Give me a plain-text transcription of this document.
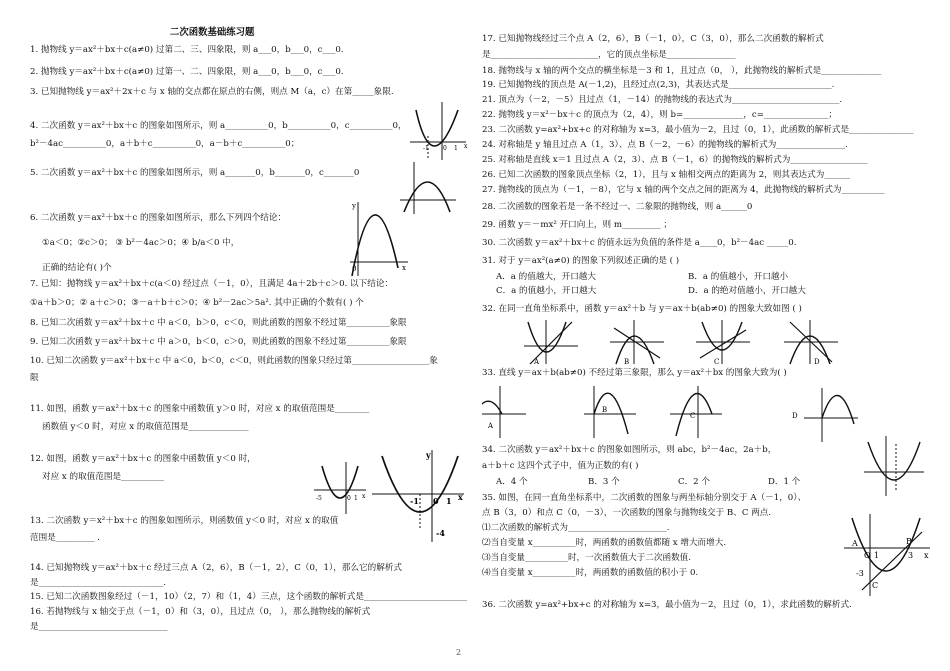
二次函数基础练习题
1. 抛物线 y＝ax²＋bx＋c(a≠0) 过第二、三、四象限，则 a___0，b___0，c___0.
2. 抛物线 y＝ax²＋bx＋c(a≠0) 过第一、二、四象限，则 a___0，b___0，c___0.
3. 已知抛物线 y＝ax²＋2x＋c 与 x 轴的交点都在原点的右侧，则点 M（a，c）在第_____象限.
4. 二次函数 y＝ax²＋bx＋c 的图象如图所示，则 a__________0，b__________0，c__________0，
b²－4ac__________0，a＋b＋c__________0，a－b＋c__________0；
5. 二次函数 y＝ax²＋bx＋c 的图象如图所示，则 a_______0，b_______0，c_______0
6. 二次函数 y＝ax²＋bx＋c 的图象如图所示，那么下列四个结论：
①a＜0；②c＞0； ③ b²－4ac＞0；④ b/a＜0 中，
正确的结论有( )个
7. 已知：抛物线 y＝ax²＋bx＋c(a＜0) 经过点（－1，0），且满足 4a＋2b＋c＞0. 以下结论：
①a＋b＞0；② a＋c＞0；③－a＋b＋c＞0；④ b²－2ac＞5a². 其中正确的个数有( ) 个
8. 已知二次函数 y＝ax²＋bx＋c 中 a＜0，b＞0，c＜0，则此函数的图象不经过第__________象限
9. 已知二次函数 y＝ax²＋bx＋c 中 a＞0，b＜0，c＞0，则此函数的图象不经过第__________象限
10. 已知二次函数 y＝ax²＋bx＋c 中 a＜0，b＜0，c＜0，则此函数的图象只经过第__________________象
限
11. 如图，函数 y＝ax²＋bx＋c 的图象中函数值 y＞0 时，对应 x 的取值范围是________
函数值 y＜0 时，对应 x 的取值范围是______________
12. 如图，函数 y＝ax²＋bx＋c 的图象中函数值 y＜0 时，
对应 x 的取值范围是__________
13. 二次函数 y＝x²＋bx＋c 的图象如图所示，则函数值 y＜0 时，对应 x 的取值
范围是_________ .
14. 已知抛物线 y＝ax²＋bx＋c 经过三点 A（2，6），B（－1，2），C（0，1），那么它的解析式
是_____________________________.
15. 已知二次函数图象经过（－1，10）（2，7）和（1，4）三点，这个函数的解析式是________________________
16. 若抛物线与 x 轴交于点（－1，0）和（3，0），且过点（0， ），那么抛物线的解析式
是______________________________
-1 0 1 x
y
0	x
-5	0 1 x
y
-1 0 1 x
-4
17. 已知抛物线经过三个点 A（2，6），B（－1，0），C（3，0），那么二次函数的解析式
是_________________________，它的顶点坐标是________________
18. 抛物线与 x 轴的两个交点的横坐标是－3 和 1，且过点（0， ），此抛物线的解析式是______________
19. 已知抛物线的顶点是 A(－1,2)，且经过点(2,3)，其表达式是________________________.
21. 顶点为（－2，－5）且过点（1，－14）的抛物线的表达式为_________________________.
22. 抛物线 y＝x²－bx＋c 的顶点为（2，4），则 b=______________，c=_______________；
23. 二次函数 y=ax²+bx+c 的对称轴为 x=3，最小值为－2，且过（0，1），此函数的解析式是_______________
24. 对称轴是 y 轴且过点 A（1，3）、点 B（－2，－6）的抛物线的解析式为________________.
25. 对称轴是直线 x＝1 且过点 A（2，3）、点 B（－1，6）的抛物线的解析式为__________________
26. 已知二次函数的图象顶点坐标（2，1），且与 x 轴相交两点的距离为 2，则其表达式为______
27. 抛物线的顶点为（－1，－8），它与 x 轴的两个交点之间的距离为 4，此抛物线的解析式为__________
28. 二次函数的图象若是一条不经过一、二象限的抛物线，则 a______0
29. 函数 y＝－mx² 开口向上，则 m_________ ；
30. 二次函数 y＝ax²＋bx＋c 的值永远为负值的条件是 a____0，b²－4ac _____0.
31. 对于 y＝ax²(a≠0) 的图象下列叙述正确的是 ( )
A．a 的值越大，开口越大	B．a 的值越小，开口越小
C．a 的值越小，开口越大	D．a 的绝对值越小，开口越大
32. 在同一直角坐标系中，函数 y＝ax²＋b 与 y＝ax＋b(ab≠0) 的图象大致如图 ( )
33. 直线 y＝ax＋b(ab≠0) 不经过第三象限，那么 y＝ax²＋bx 的图象大致为( )
34. 二次函数 y＝ax²＋bx＋c 的图象如图所示，则 abc，b²－4ac，2a＋b，
a＋b＋c 这四个式子中，值为正数的有( )
A．4 个	B．3 个	C．2 个	D．1 个
35. 如图，在同一直角坐标系中，二次函数的图象与两坐标轴分别交于 A（－1，0）、
点 B（3，0）和点 C（0，－3），一次函数的图象与抛物线交于 B、C 两点.
⑴二次函数的解析式为_______________________.
⑵当自变量 x__________时，两函数的函数值都随 x 增大而增大.
⑶当自变量__________时，一次函数值大于二次函数值.
⑷当自变量 x__________时，两函数的函数值的积小于 0.
36. 二次函数 y=ax²+bx+c 的对称轴为 x=3，最小值为－2，且过（0，1），求此函数的解析式.
A	B	C	D
A
B
C	D
A
O 1
B
3
-3
C
x
2
